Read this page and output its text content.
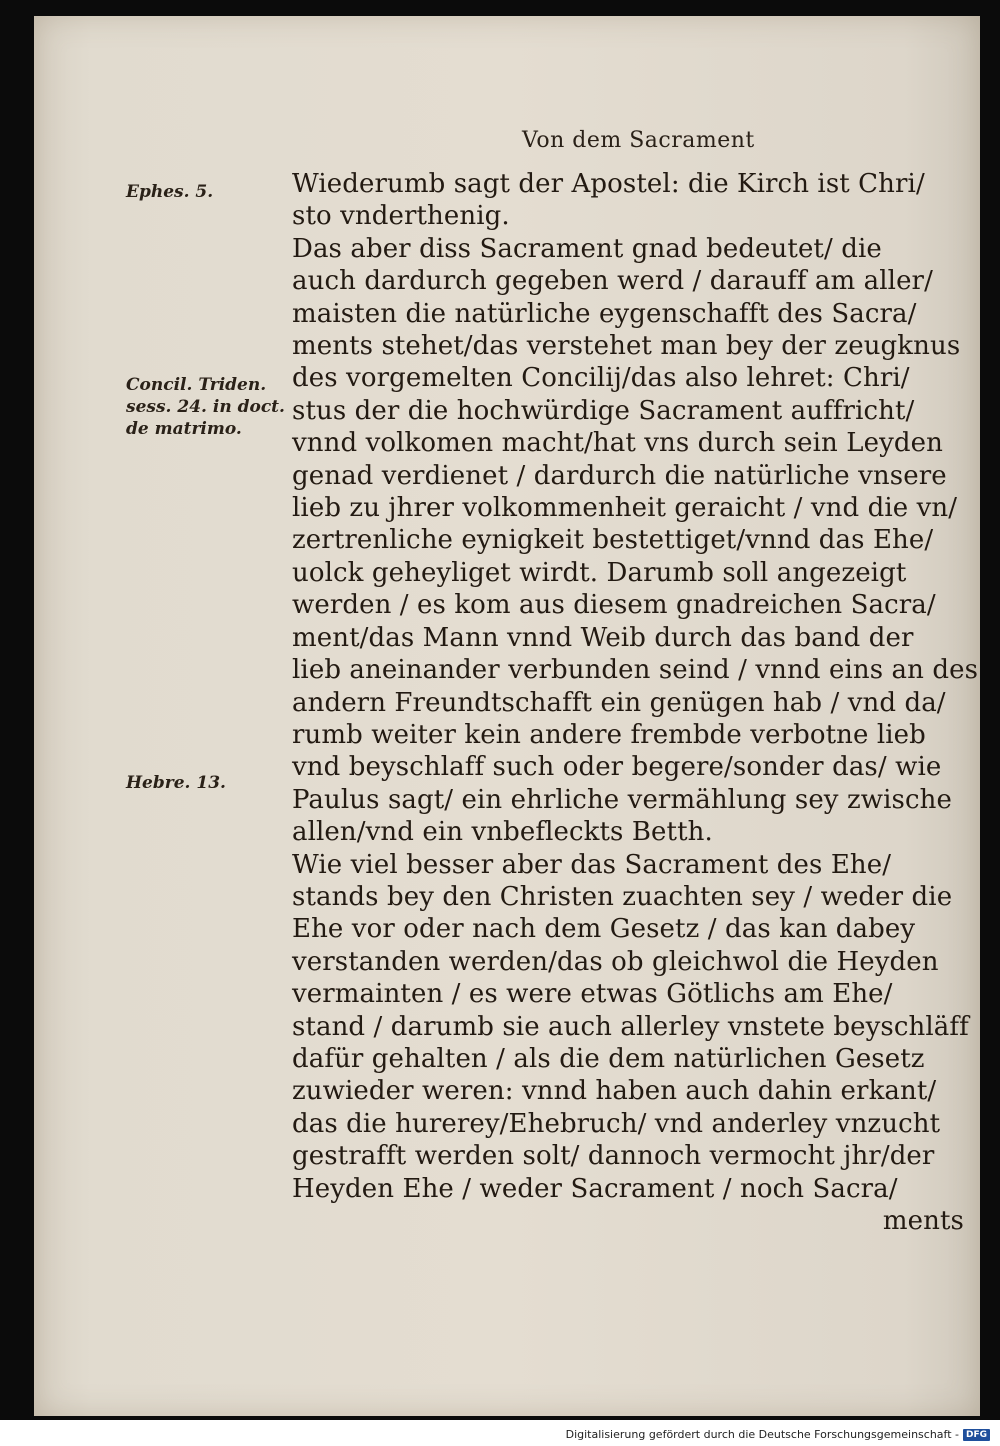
Von dem Sacrament
Ephes. 5.
Concil. Triden.
sess. 24. in doct.
de matrimo.
Hebre. 13.
Wiederumb sagt der Apostel: die Kirch ist Chri/
sto vnderthenig.
Das aber diss Sacrament gnad bedeutet/ die
auch dardurch gegeben werd / darauff am aller/
maisten die natürliche eygenschafft des Sacra/
ments stehet/das verstehet man bey der zeugknus
des vorgemelten Concilij/das also lehret: Chri/
stus der die hochwürdige Sacrament auffricht/
vnnd volkomen macht/hat vns durch sein Leyden
genad verdienet / dardurch die natürliche vnsere
lieb zu jhrer volkommenheit geraicht / vnd die vn/
zertrenliche eynigkeit bestettiget/vnnd das Ehe/
uolck geheyliget wirdt. Darumb soll angezeigt
werden / es kom aus diesem gnadreichen Sacra/
ment/das Mann vnnd Weib durch das band der
lieb aneinander verbunden seind / vnnd eins an des
andern Freundtschafft ein genügen hab / vnd da/
rumb weiter kein andere frembde verbotne lieb
vnd beyschlaff such oder begere/sonder das/ wie
Paulus sagt/ ein ehrliche vermählung sey zwische
allen/vnd ein vnbefleckts Betth.
Wie viel besser aber das Sacrament des Ehe/
stands bey den Christen zuachten sey / weder die
Ehe vor oder nach dem Gesetz / das kan dabey
verstanden werden/das ob gleichwol die Heyden
vermainten / es were etwas Götlichs am Ehe/
stand / darumb sie auch allerley vnstete beyschläff
dafür gehalten / als die dem natürlichen Gesetz
zuwieder weren: vnnd haben auch dahin erkant/
das die hurerey/Ehebruch/ vnd anderley vnzucht
gestrafft werden solt/ dannoch vermocht jhr/der
Heyden Ehe / weder Sacrament / noch Sacra/
ments
Digitalisierung gefördert durch die Deutsche Forschungsgemeinschaft - DFG
